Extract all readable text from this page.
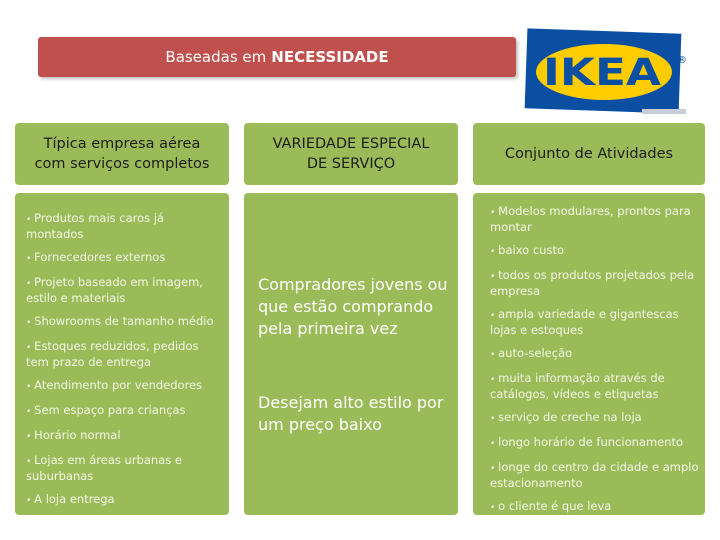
Baseadas em NECESSIDADE	IKEA ®
Típica empresa aérea
com serviços completos
VARIEDADE ESPECIAL
DE SERVIÇO
Conjunto de Atividades
• Produtos mais caros já montados
• Fornecedores externos
• Projeto baseado em imagem, estilo e materiais
• Showrooms de tamanho médio
• Estoques reduzidos, pedidos tem prazo de entrega
• Atendimento por vendedores
• Sem espaço para crianças
• Horário normal
• Lojas em áreas urbanas e suburbanas
• A loja entrega
Compradores jovens ou que estão comprando pela primeira vez
Desejam alto estilo por um preço baixo
• Modelos modulares, prontos para montar
• baixo custo
• todos os produtos projetados pela empresa
• ampla variedade e gigantescas lojas e estoques
• auto-seleção
• muita informação através de catálogos, vídeos e etiquetas
• serviço de creche na loja
• longo horário de funcionamento
• longe do centro da cidade e amplo estacionamento
• o cliente é que leva
